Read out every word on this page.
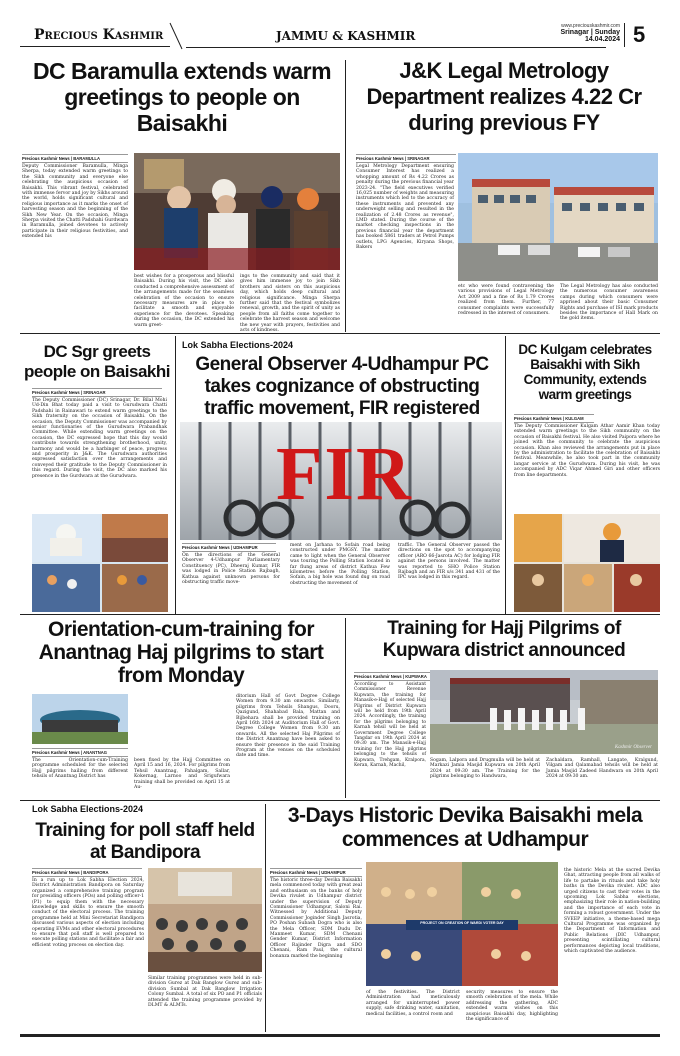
Precious Kashmir	JAMMU & KASHMIR
www.preciouskashmir.com
Srinagar | Sunday
14.04.2024 5
DC Baramulla extends warm greetings to people on Baisakhi
Precious Kashmir News | BARAMULLA
Deputy Commissioner Baramulla, Minga Sherpa, today extended warm greetings to the Sikh community and everyone else celebrating the auspicious occasion of Baisakhi. This vibrant festival, celebrated with immense fervor and joy by Sikhs around the world, holds significant cultural and religious importance as it marks the onset of harvesting season and the beginning of the Sikh New Year. On the occasion, Minga Sherpa visited the Chatti Padshahi Gurdwara in Baramulla, joined devotees to actively participate in their religious festivities, and extended his
best wishes for a prosperous and blissful Baisakhi. During his visit, the DC also conducted a comprehensive assessment of the arrangements made for the seamless celebration of the occasion to ensure necessary measures are in place to facilitate a smooth and enjoyable experience for the devotees. Speaking during the occasion, the DC extended his warm greet-
ings to the community and said that it gives him immense joy to join Sikh brothers and sisters on this auspicious day, which holds deep cultural and religious significance. Minga Sherpa further said that the festival symbolizes renewal, growth, and the spirit of unity as people from all faiths come together to celebrate the harvest season and welcome the new year with prayers, festivities and acts of kindness.
J&K Legal Metrology Department realizes 4.22 Cr during previous FY
Precious Kashmir News | SRINAGAR
Legal Metrology Department ensuring Consumer Interest has realized a whopping amount of Rs 4.22 Crores as penalty during the previous financial year 2023-24. "The field executives verified 16,025 number of weights and measuring instruments which led to the accuracy of these instruments and prevented any underweight selling and resulted in the realization of 2.48 Crores as revenue", LMD stated. During the course of the market checking inspections in the previous financial year the department has booked 5861 traders at Petrol Pumps outlets, LPG Agencies, Kiryana Shops, Bakers
etc who were found contravening the various provisions of Legal Metrology Act 2009 and a fine of Rs 1.79 Crores realized from them. Further, 77 consumer complaints were successfully redressed in the interest of consumers.
The Legal Metrology has also conducted the numerous consumer awareness camps during which consumers were apprised about their basic Consumer Rights and purchase of ISI mark products besides the importance of Hall Mark on the gold items.
DC Sgr greets people on Baisakhi
Precious Kashmir News | SRINAGAR
The Deputy Commissioner (DC) Srinagar, Dr. Bilal Mohi Ud-Din Bhat today paid a visit to Gurudwara Chatti Padshahi in Rainawari to extend warm greetings to the Sikh fraternity on the occasion of Baisakhi. On the occasion, the Deputy Commissioner was accompanied by senior functionaries of the Gurudwara Prabandhak Committee. While extending warm greetings on the occasion, the DC expressed hope that this day would contribute towards strengthening brotherhood, unity, harmony and would be a harbinger of peace, progress and prosperity in J&K. The Gurudwara authorities expressed satisfaction over the arrangements and conveyed their gratitude to the Deputy Commissioner in this regard. During the visit, the DC also marked his presence in the Gurdwara at the Gurudwara.
Lok Sabha Elections-2024
General Observer 4-Udhampur PC takes cognizance of obstructing traffic movement, FIR registered
FIR
Precious Kashmir News | UDHAMPUR
On the directions of the General Observer 4-Udhampur Parliamentary Constituency (PC), Dheeraj Kumar, FIR was lodged in Police Station Rajbagh, Kathua against unknown persons for obstructing traffic move-
ment on Jarhana to Sofain road being constructed under PMGSY. The matter came to light when the General Observer was touring the Polling Station located in far flung areas of district Kathua Few kilometres before the Polling Station, Sofain, a big hole was found dug on road obstructing the movement of
traffic. The General Observer passed the directions on the spot to accompanying officer (ARO 66-Jasrota AC) for lodging FIR against the persons involved. The matter was reported to SHO Police Station Rajbagh and an FIR u/s 341 and 431 of the IPC was lodged in this regard.
DC Kulgam celebrates Baisakhi with Sikh Community, extends warm greetings
Precious Kashmir News | KULGAM
The Deputy Commissioner Kulgam Athar Aamir Khan today extended warm greetings to the Sikh community on the occasion of Baisakhi festival. He also visited Paipora where he joined with the community to celebrate the auspicious occasion. Khan also reviewed the arrangements put in place by the administration to facilitate the celebration of Baisakhi festival. Meanwhile, he also took part in the community langar service at the Gurudwara. During his visit, he was accompanied by ADC Viqar Ahmed Giri and other officers from line departments.
Orientation-cum-training for Anantnag Haj pilgrims to start from Monday
Precious Kashmir News | ANANTNAG
The Orientation-cum-Training programme scheduled for the selected Hajj pilgrims hailing from different tehsils of Anantnag District has
been fixed by the Hajj Committee on April 15 and 16, 2024. For pilgrims from Tehsil Anantnag, Pahalgam, Sallar, Kokernag, Larnoo and Srigufwara training shall be provided on April 15 at Au-
ditorium Hall of Govt Degree College Women from 9.30 am onwards. Similarly, pilgrims from Tehsils Shangus, Dooru, Qazigund, Shahabad Bala, Mattan and Bijbehara shall be provided training on April 16th 2024 at Auditorium Hall of Govt. Degree College Women from 9.30 am onwards. All the selected Haj Pilgrims of the District Anantnag have been asked to ensure their presence in the said Training Program at the venues on the scheduled date and time.
Training for Hajj Pilgrims of Kupwara district announced
Precious Kashmir News | KUPWARA
Kashmir Observer
According to Assistant Commissioner Revenue Kupwara, the training for Manasik-e-Hajj of selected Hajj Pilgrims of District Kupwara will be held from 19th April 2024. Accordingly, the training for the pilgrims belonging to Karnah tehsil will be held at Government Degree College Tangdar on 19th April 2024 at 09:30 am. The Manasik-e-Hajj training for the Hajj pilgrims belonging to the tehsils of Kupwara, Trehgam, Kralpora, Keran, Karnah, Machil,
Sogam, Lalpora and Drugmulla will be held at Markazi Jamia Masjid Kupwara on 20th April 2024 at 09:30 am. The Training for the pilgrims belonging to Handwara,
Zachaldara, Ramhall, Langate, Kralgund, Vilgam and Qalamabad tehsils will be held at Jamia Masjid Zadeed Handwara on 20th April 2024 at 09:30 am.
Lok Sabha Elections-2024
Training for poll staff held at Bandipora
Precious Kashmir News | BANDIPORA
In a run up to Lok Sabha Election 2024, District Administration Bandipora on Saturday organized a comprehensive training program for presiding officers (POs) and polling officer-1 (P1) to equip them with the necessary knowledge and skills to ensure the smooth conduct of the electoral process. The training programme held at Mini Secretariat Bandipora discussed various aspects of election including operating EVMs and other electoral procedures to ensure that poll staff is well prepared to execute polling stations and facilitate a fair and efficient voting process on election day.
Similar training programmes were held in sub-division Gurez at Dak Banglow Gurez and sub-division Sumbal at Dak Banglow Irrigation Colony Sumbal. A total of six PO and P1 officials attended the training programme provided by DLMT & ALMTs.
3-Days Historic Devika Baisakhi mela commences at Udhampur
Precious Kashmir News | UDHAMPUR
The historic three-day Devika Baisakhi mela commenced today with great zeal and enthusiasm on the banks of holy Devika rivulet in Udhampur district under the supervision of Deputy Commissioner Udhampur, Saloni Rai. Witnessed by Additional Deputy Commissioner Joginder Singh Jasrotia, PO Poshan Subash Dogra who is also the Mela Officer, SDM Dudu Dr. Manmeet Kumar, SDM Chenani Gender Kumar, District Information Officer Rajinder Digra and SDO Chenani, Ram Paul, the cultural bonanza marked the beginning
PROJECT ON CREATION OF WARD/ VOTER DAY
of the festivities. The District Administration had meticulously arranged for uninterrupted power supply, safe drinking water, sanitation, medical facilities, a control room and
security measures to ensure the smooth celebration of the mela. While addressing the gathering, ADC extended warm wishes on this auspicious Baisakhi day, highlighting the significance of
the historic Mela at the sacred Devika Ghat, attracting people from all walks of life to partake in rituals and take holy baths in the Devika rivulet. ADC also urged citizens to cast their votes in the upcoming Lok Sabha elections, emphasizing their role in nation-building and the importance of each vote in forming a robust government. Under the SVEEP initiative, a theme-based mega Cultural Programme was organized by the Department of Information and Public Relations (DIC Udhampur, presenting scintillating cultural performances depicting local traditions, which captivated the audience.
